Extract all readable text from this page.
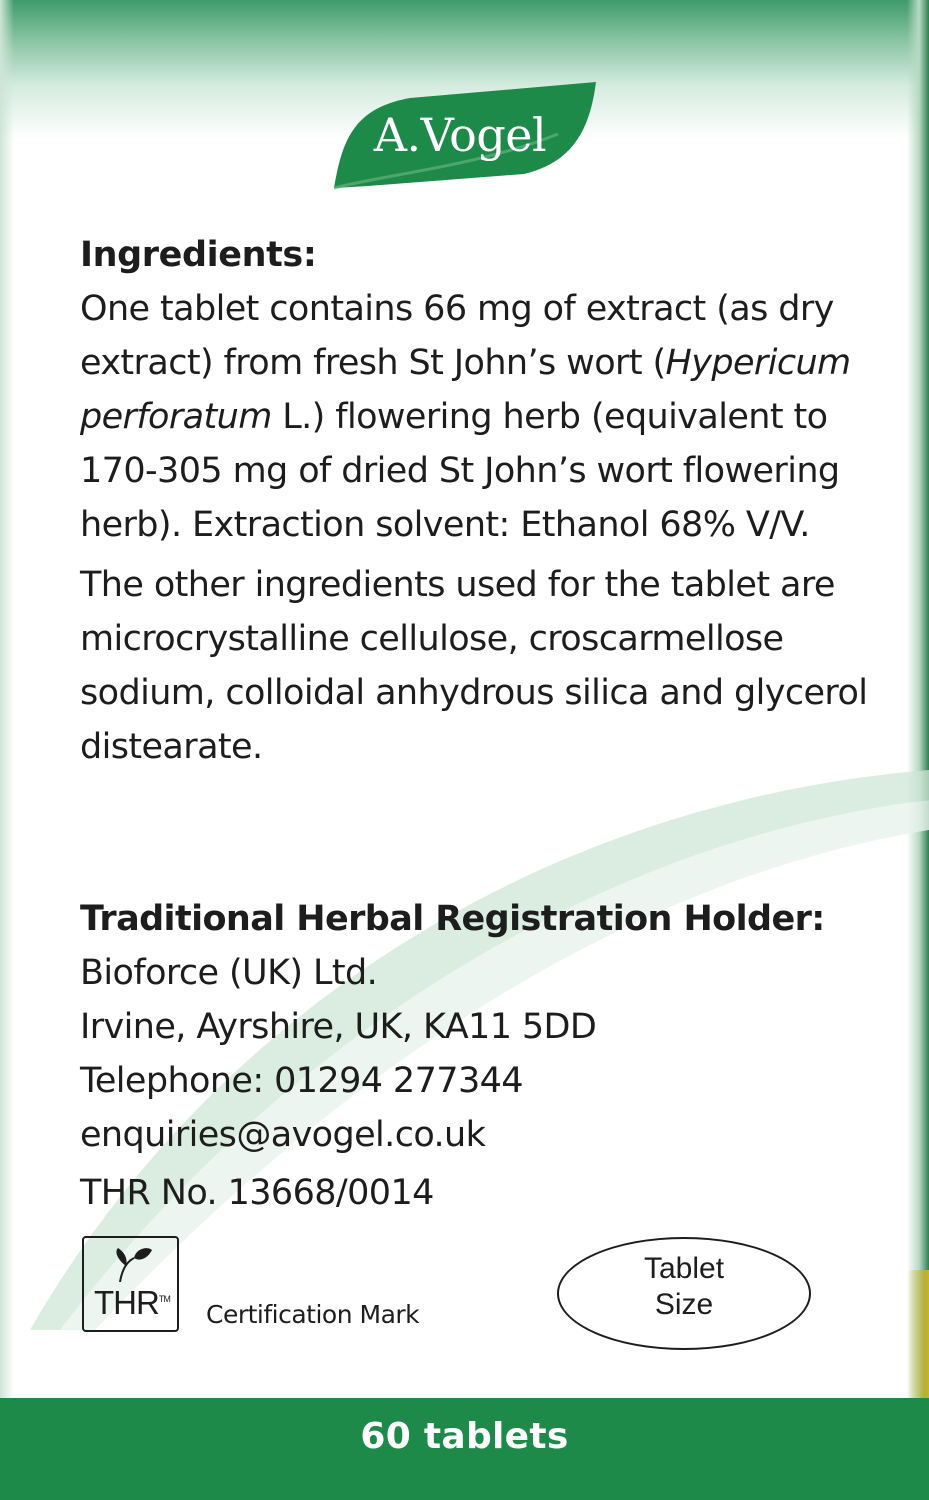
A.Vogel
Ingredients:

One tablet contains 66 mg of extract (as dry extract) from fresh St John’s wort (Hypericum perforatum L.) flowering herb (equivalent to 170-305 mg of dried St John’s wort flowering herb). Extraction solvent: Ethanol 68% V/V.

The other ingredients used for the tablet are microcrystalline cellulose, croscarmellose sodium, colloidal anhydrous silica and glycerol distearate.

Traditional Herbal Registration Holder:
Bioforce (UK) Ltd.
Irvine, Ayrshire, UK, KA11 5DD
Telephone: 01294 277344
enquiries@avogel.co.uk
THR No. 13668/0014
THR™
Certification Mark
Tablet
Size
60 tablets
